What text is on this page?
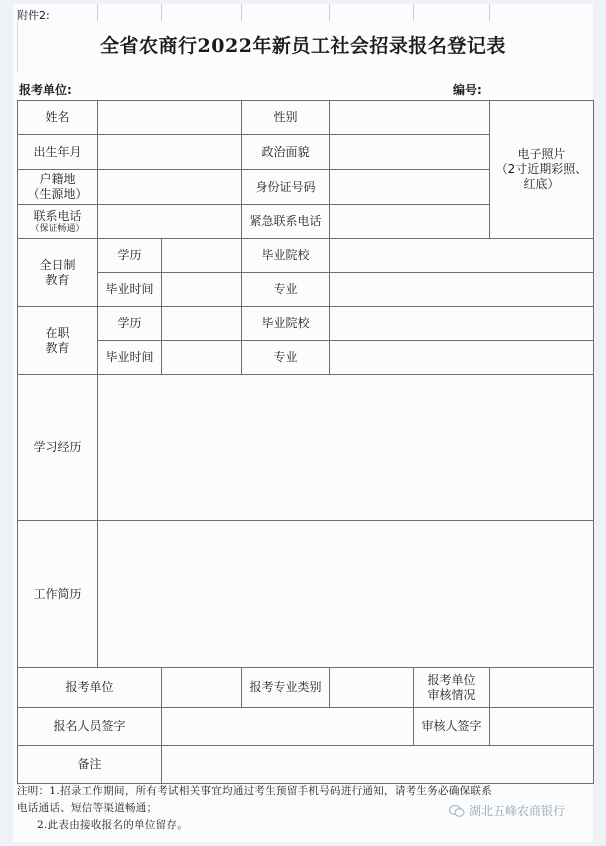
附件2:
全省农商行2022年新员工社会招录报名登记表
报考单位:	编号:
姓名			性别			电子照片
（2寸近期彩照、
红底）
出生年月			政治面貌			
户籍地
（生源地）			身份证号码			
联系电话
（保证畅通）			紧急联系电话			
全日制
教育	学历		毕业院校			
	毕业时间		专业			
在职
教育	学历		毕业院校			
	毕业时间		专业			
学习经历						
工作简历						
报考单位			报考专业类别		报考单位
审核情况	
报名人员签字					审核人签字	
备注						
注明：1.招录工作期间，所有考试相关事宜均通过考生预留手机号码进行通知，请考生务必确保联系
电话通话、短信等渠道畅通；
2.此表由接收报名的单位留存。
湖北五峰农商银行
